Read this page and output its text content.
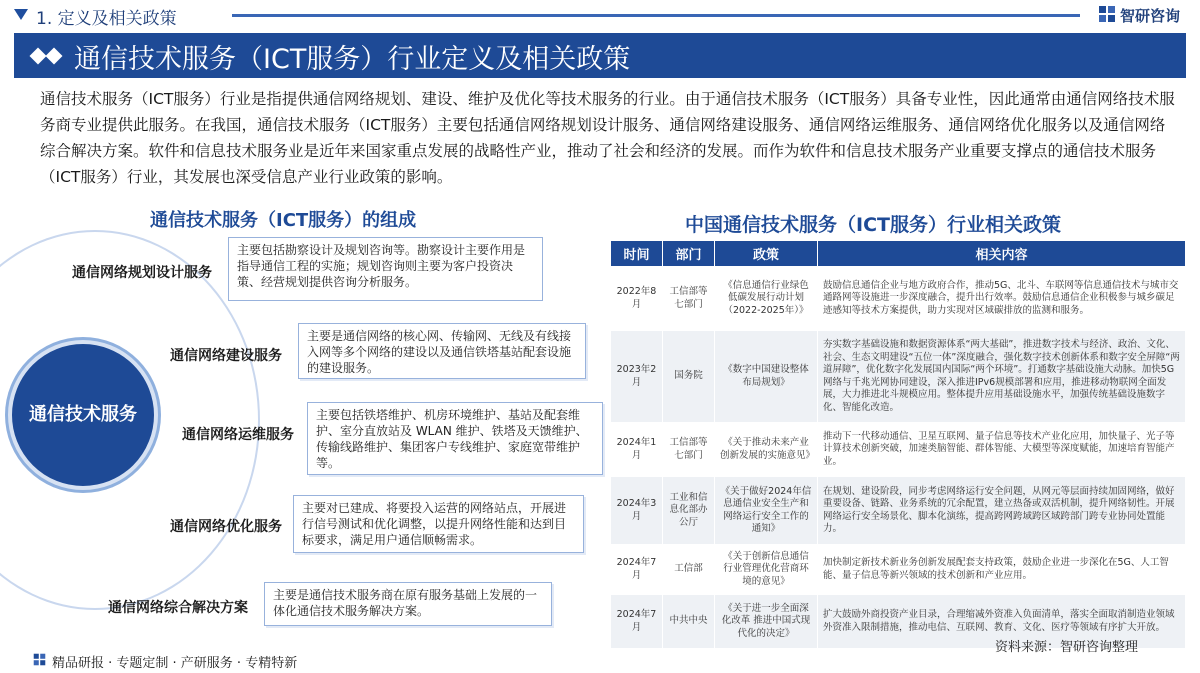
1. 定义及相关政策	智研咨询
通信技术服务（ICT服务）行业定义及相关政策
通信技术服务（ICT服务）行业是指提供通信网络规划、建设、维护及优化等技术服务的行业。由于通信技术服务（ICT服务）具备专业性，因此通常由通信网络技术服务商专业提供此服务。在我国，通信技术服务（ICT服务）主要包括通信网络规划设计服务、通信网络建设服务、通信网络运维服务、通信网络优化服务以及通信网络综合解决方案。软件和信息技术服务业是近年来国家重点发展的战略性产业，推动了社会和经济的发展。而作为软件和信息技术服务产业重要支撑点的通信技术服务（ICT服务）行业，其发展也深受信息产业行业政策的影响。
通信技术服务（ICT服务）的组成
通信技术服务
通信网络规划设计服务
主要包括勘察设计及规划咨询等。勘察设计主要作用是指导通信工程的实施；规划咨询则主要为客户投资决策、经营规划提供咨询分析服务。
通信网络建设服务
主要是通信网络的核心网、传输网、无线及有线接入网等多个网络的建设以及通信铁塔基站配套设施的建设服务。
通信网络运维服务
主要包括铁塔维护、机房环境维护、基站及配套维护、室分直放站及 WLAN 维护、铁塔及天馈维护、传输线路维护、集团客户专线维护、家庭宽带维护等。
通信网络优化服务
主要对已建成、将要投入运营的网络站点，开展进行信号测试和优化调整，以提升网络性能和达到目标要求，满足用户通信顺畅需求。
通信网络综合解决方案
主要是通信技术服务商在原有服务基础上发展的一体化通信技术服务解决方案。
中国通信技术服务（ICT服务）行业相关政策
时间	部门	政策	相关内容
2022年8月	工信部等七部门	《信息通信行业绿色低碳发展行动计划（2022-2025年）》	鼓励信息通信企业与地方政府合作，推动5G、北斗、车联网等信息通信技术与城市交通路网等设施进一步深度融合，提升出行效率。鼓励信息通信企业积极参与城乡碳足迹感知等技术方案提供，助力实现对区域碳排放的监测和服务。
2023年2月	国务院	《数字中国建设整体布局规划》	夯实数字基础设施和数据资源体系“两大基础”，推进数字技术与经济、政治、文化、社会、生态文明建设“五位一体”深度融合，强化数字技术创新体系和数字安全屏障“两道屏障”，优化数字化发展国内国际“两个环境”。打通数字基础设施大动脉。加快5G网络与千兆光网协同建设，深入推进IPv6规模部署和应用，推进移动物联网全面发展，大力推进北斗规模应用。整体提升应用基础设施水平，加强传统基础设施数字化、智能化改造。
2024年1月	工信部等七部门	《关于推动未来产业创新发展的实施意见》	推动下一代移动通信、卫星互联网、量子信息等技术产业化应用，加快量子、光子等计算技术创新突破，加速类脑智能、群体智能、大模型等深度赋能，加速培育智能产业。
2024年3月	工业和信息化部办公厅	《关于做好2024年信息通信业安全生产和网络运行安全工作的通知》	在规划、建设阶段，同步考虑网络运行安全问题，从网元等层面持续加固网络，做好重要设备、链路、业务系统的冗余配置，建立热备或双活机制，提升网络韧性。开展网络运行安全场景化、脚本化演练，提高跨网跨域跨区域跨部门跨专业协同处置能力。
2024年7月	工信部	《关于创新信息通信行业管理优化营商环境的意见》	加快制定新技术新业务创新发展配套支持政策，鼓励企业进一步深化在5G、人工智能、量子信息等新兴领域的技术创新和产业应用。
2024年7月	中共中央	《关于进一步全面深化改革 推进中国式现代化的决定》	扩大鼓励外商投资产业目录，合理缩减外资准入负面清单，落实全面取消制造业领域外资准入限制措施，推动电信、互联网、教育、文化、医疗等领域有序扩大开放。
资料来源：智研咨询整理
精品研报 · 专题定制 · 产研服务 · 专精特新
